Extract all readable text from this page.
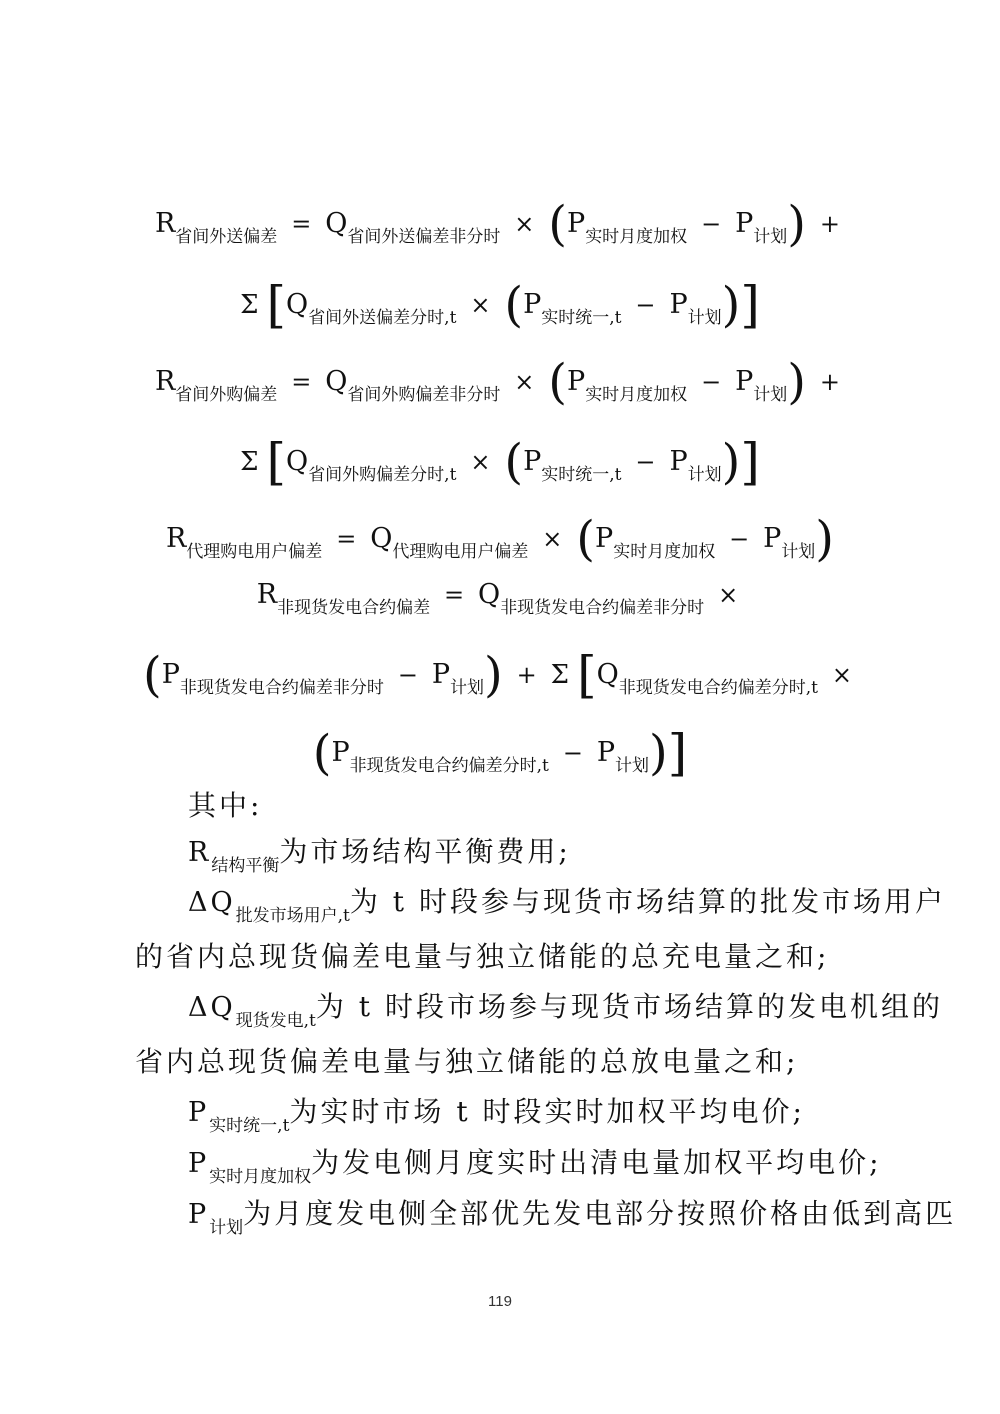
$R_{省间外送偏差} = Q_{省间外送偏差非分时} \times (P_{实时月度加权} - P_{计划})$ +
Σ $[Q_{省间外送偏差分时,t} \times (P_{实时统一,t} - P_{计划})]$
$R_{省间外购偏差} = Q_{省间外购偏差非分时} \times (P_{实时月度加权} - P_{计划})$ +
Σ $[Q_{省间外购偏差分时,t} \times (P_{实时统一,t} - P_{计划})]$
$R_{代理购电用户偏差} = Q_{代理购电用户偏差} \times (P_{实时月度加权} - P_{计划})$
$R_{非现货发电合约偏差} = Q_{非现货发电合约偏差非分时}$ ×
$(P_{非现货发电合约偏差非分时} - P_{计划}) + \Sigma$ [$Q_{非现货发电合约偏差分时,t}$ ×
$(P_{非现货发电合约偏差分时,t} - P_{计划})$]
其中:
$R_{结构平衡}$为市场结构平衡费用;
$\Delta Q_{批发市场用户,t}$为 t 时段参与现货市场结算的批发市场用户
的省内总现货偏差电量与独立储能的总充电量之和;
$\Delta Q_{现货发电,t}$为 t 时段市场参与现货市场结算的发电机组的
省内总现货偏差电量与独立储能的总放电量之和;
$P_{实时统一,t}$为实时市场 t 时段实时加权平均电价;
$P_{实时月度加权}$为发电侧月度实时出清电量加权平均电价;
$P_{计划}$为月度发电侧全部优先发电部分按照价格由低到高匹
119
